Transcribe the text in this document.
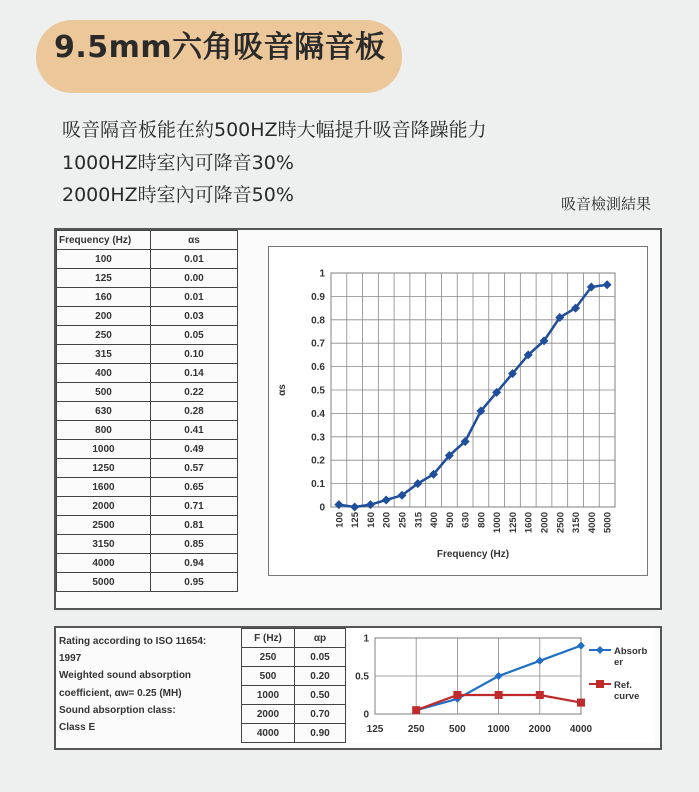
9.5mm六角吸音隔音板
吸音隔音板能在約500HZ時大幅提升吸音降躁能力
1000HZ時室內可降音30%
2000HZ時室內可降音50%	吸音檢測結果
Frequency (Hz)	αs
100	0.01
125	0.00
160	0.01
200	0.03
250	0.05
315	0.10
400	0.14
500	0.22
630	0.28
800	0.41
1000	0.49
1250	0.57
1600	0.65
2000	0.71
2500	0.81
3150	0.85
4000	0.94
5000	0.95
0
0.1
0.2
0.3
0.4
0.5
0.6
0.7
0.8
0.9
1
100 125 160 200 250 315 400 500 630 800 1000 1250 1600 2000 2500 3150 4000 5000
Frequency (Hz)
αs
Rating according to ISO 11654:
1997
Weighted sound absorption
coefficient, αw= 0.25 (MH)
Sound absorption class:
Class E
F (Hz)	αp
250	0.05
500	0.20
1000	0.50
2000	0.70
4000	0.90
0
0.5
1
125 250 500 1000 2000 4000
Absorb
er
Ref.
curve
